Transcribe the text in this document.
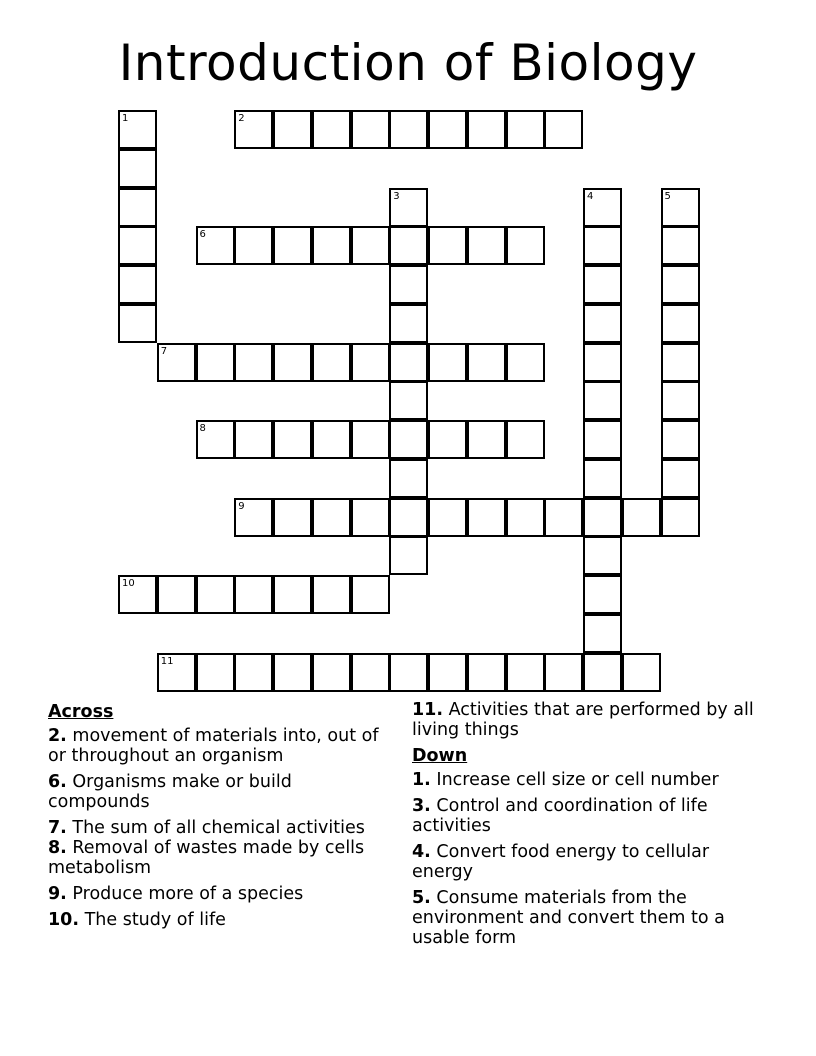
Introduction of Biology
1	2
3	4	5
6
7
8
9
10
11
Across
2. movement of materials into, out of or throughout an organism
6. Organisms make or build compounds
7. The sum of all chemical activities
8. Removal of wastes made by cells metabolism
9. Produce more of a species
10. The study of life
11. Activities that are performed by all living things
Down
1. Increase cell size or cell number
3. Control and coordination of life activities
4. Convert food energy to cellular energy
5. Consume materials from the environment and convert them to a usable form
